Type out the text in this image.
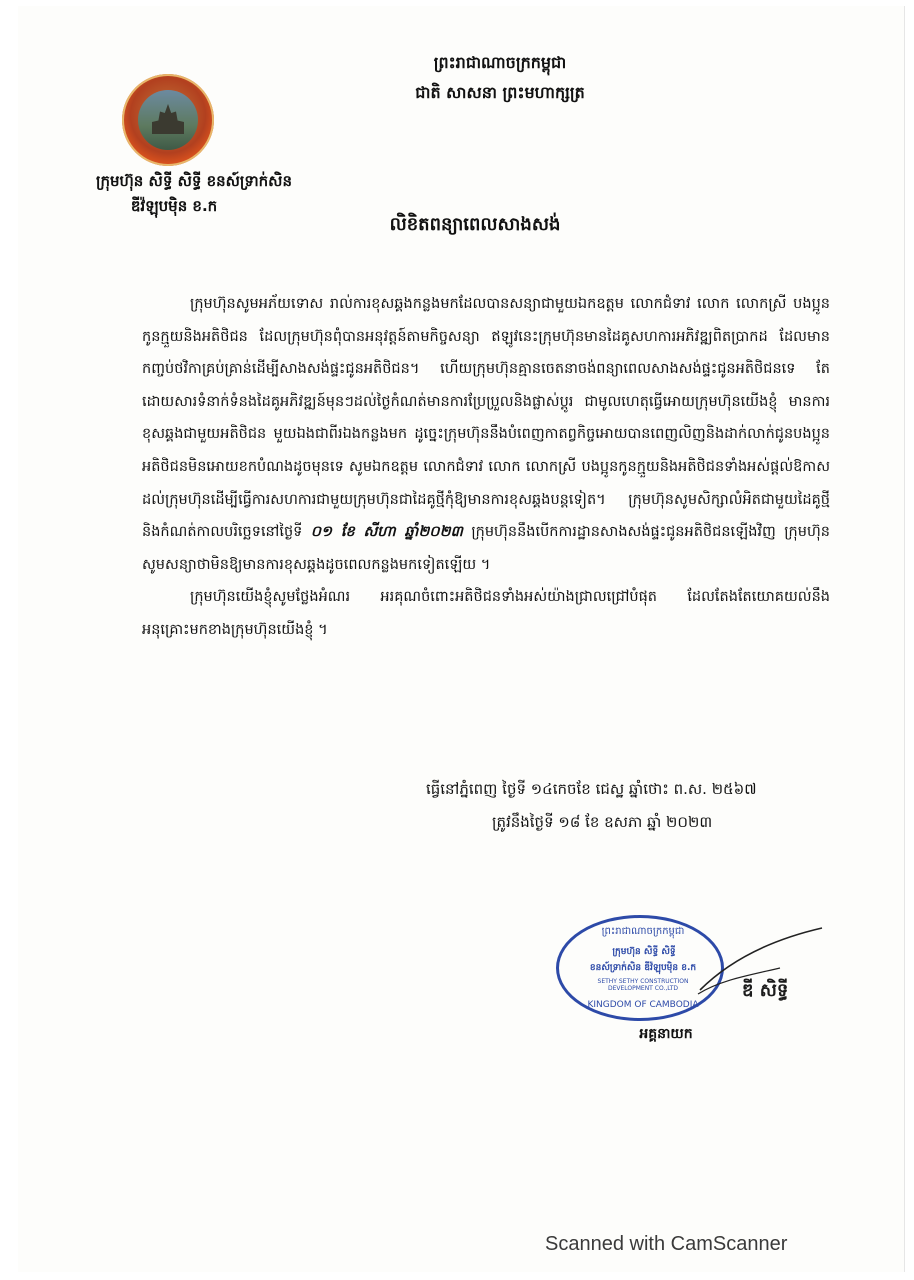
ក្រុមហ៊ុន សិទ្ធី សិទ្ធី ខនស៍ទ្រាក់សិន
ឌីវ៉ឡុបម៉ិន ខ.ក
ព្រះរាជាណាចក្រកម្ពុជា
ជាតិ សាសនា ព្រះមហាក្សត្រ
លិខិតពន្យាពេលសាងសង់

ក្រុមហ៊ុនសូមអភ័យទោស រាល់ការខុសឆ្គងកន្លងមកដែលបានសន្យាជាមួយឯកឧត្តម លោកជំទាវ លោក លោកស្រី បងប្អូនកូនក្មួយនិងអតិថិជន ដែលក្រុមហ៊ុនពុំបានអនុវត្តន៍តាមកិច្ចសន្យា ឥឡូវនេះក្រុមហ៊ុនមានដៃគូសហការអភិវឌ្ឍពិតប្រាកដ ដែលមានកញ្ចប់ថវិកាគ្រប់គ្រាន់ដើម្បីសាងសង់ផ្ទះជូនអតិថិជន។ ហើយក្រុមហ៊ុនគ្មានចេតនាចង់ពន្យាពេលសាងសង់ផ្ទះជូនអតិថិជនទេ តែដោយសារទំនាក់ទំនងដៃគូអភិវឌ្ឍន៍មុនៗដល់ថ្ងៃកំណត់មានការប្រែប្រួលនិងផ្លាស់ប្តូរ ជាមូលហេតុធ្វើអោយក្រុមហ៊ុនយើងខ្ញុំ មានការខុសឆ្គងជាមួយអតិថិជន មួយឯងជាពីរឯងកន្លងមក ដូច្នេះក្រុមហ៊ុននឹងបំពេញកាតព្វកិច្ចអោយបានពេញលិញនិងដាក់លាក់ជូនបងប្អូនអតិថិជនមិនអោយខកបំណងដូចមុនទេ សូមឯកឧត្តម លោកជំទាវ លោក លោកស្រី បងប្អូនកូនក្មួយនិងអតិថិជនទាំងអស់ផ្តល់ឱកាសដល់ក្រុមហ៊ុនដើម្បីធ្វើការសហការជាមួយក្រុមហ៊ុនជាដៃគូថ្មីកុំឱ្យមានការខុសឆ្គងបន្តទៀត។ ក្រុមហ៊ុនសូមសិក្សាលំអិតជាមួយដៃគូថ្មីនិងកំណត់កាលបរិច្ឆេទនៅថ្ងៃទី ០១ ខែ សីហា ឆ្នាំ២០២៣ ក្រុមហ៊ុននឹងបើកការដ្ឋានសាងសង់ផ្ទះជូនអតិថិជនឡើងវិញ ក្រុមហ៊ុនសូមសន្យាថាមិនឱ្យមានការខុសឆ្គងដូចពេលកន្លងមកទៀតឡើយ ។

ក្រុមហ៊ុនយើងខ្ញុំសូមថ្លែងអំណរ អរគុណចំពោះអតិថិជនទាំងអស់យ៉ាងជ្រាលជ្រៅបំផុត ដែលតែងតែយោគយល់នឹងអនុគ្រោះមកខាងក្រុមហ៊ុនយើងខ្ញុំ ។

ធ្វើនៅភ្នំពេញ ថ្ងៃទី ១៤កេចខែ ជេស្ឋ ឆ្នាំថោះ ព.ស. ២៥៦៧
ត្រូវនឹងថ្ងៃទី ១៨ ខែ ឧសភា ឆ្នាំ ២០២៣
ព្រះរាជាណាចក្រកម្ពុជា
ក្រុមហ៊ុន សិទ្ធី សិទ្ធី
ខនស៍ទ្រាក់សិន ឌីវ៉ឡុបម៉ិន ខ.ក
SETHY SETHY CONSTRUCTION DEVELOPMENT CO.,LTD
KINGDOM OF CAMBODIA
ឌី សិទ្ធី
អគ្គនាយក
Scanned with CamScanner
